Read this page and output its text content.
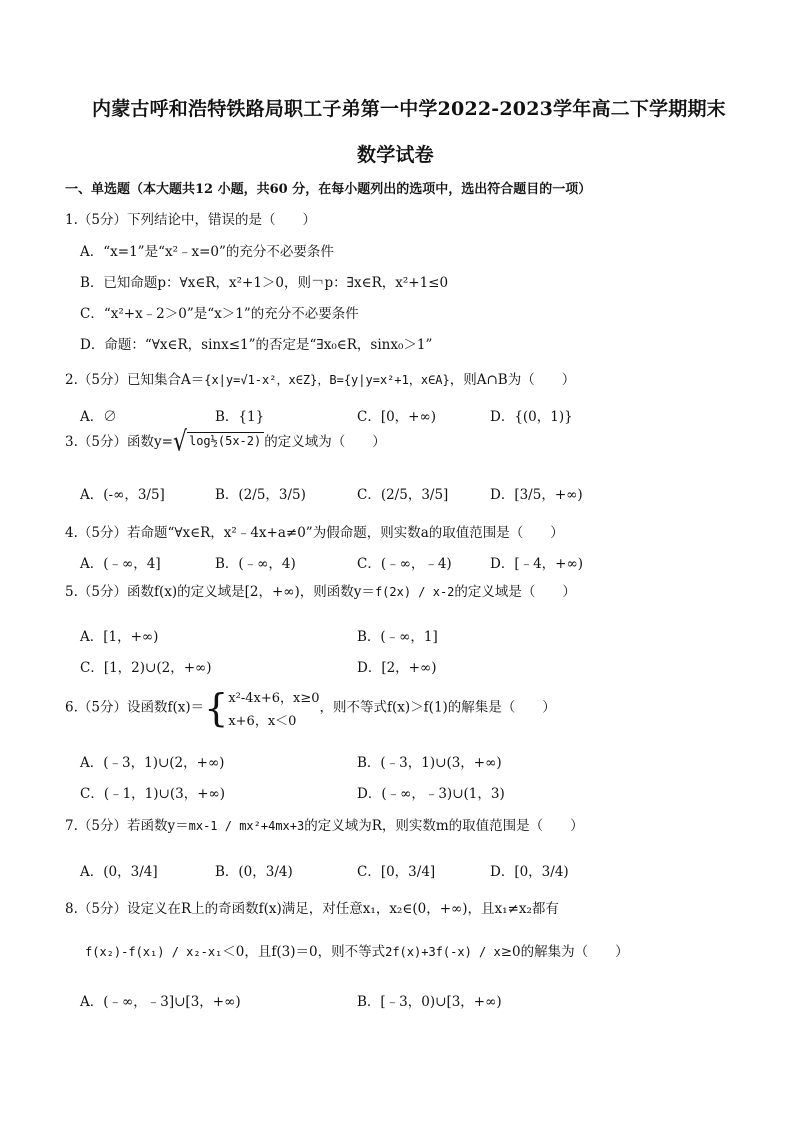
内蒙古呼和浩特铁路局职工子弟第一中学2022-2023学年高二下学期期末
数学试卷
一、单选题（本大题共12 小题，共60 分，在每小题列出的选项中，选出符合题目的一项）
1.（5分）下列结论中，错误的是（　　）
A．“x=1”是“x²﹣x=0”的充分不必要条件
B．已知命题p：∀x∈R，x²+1＞0，则￢p：∃x∈R，x²+1≤0
C．“x²+x﹣2＞0”是“x＞1”的充分不必要条件
D．命题：“∀x∈R，sinx≤1”的否定是“∃x₀∈R，sinx₀＞1”
2.（5分）已知集合A＝{x|y=√1-x²，x∈Z}，B={y|y=x²+1，x∈A}，则A∩B为（　　）
A．∅	B．{1}	C．[0，+∞)	D．{(0，1)}
3.（5分）函数y= √ log½(5x-2) 的定义域为（　　）
A．(-∞，3/5]	B．(2/5，3/5)	C．(2/5，3/5]	D．[3/5，+∞)
4.（5分）若命题“∀x∈R，x²﹣4x+a≠0”为假命题，则实数a的取值范围是（　　）
A．(﹣∞，4]	B．(﹣∞，4)	C．(﹣∞，﹣4)	D．[﹣4，+∞)
5.（5分）函数f(x)的定义域是[2，+∞)，则函数y＝f(2x) / x-2的定义域是（　　）
A．[1，+∞)	B．(﹣∞，1]
C．[1，2)∪(2，+∞)	D．[2，+∞)
6.（5分）设函数f(x)＝ { x²-4x+6，x≥0
x+6，x＜0
，则不等式f(x)＞f(1)的解集是（　　）
A．(﹣3，1)∪(2，+∞)	B．(﹣3，1)∪(3，+∞)
C．(﹣1，1)∪(3，+∞)	D．(﹣∞，﹣3)∪(1，3)
7.（5分）若函数y＝mx-1 / mx²+4mx+3的定义域为R，则实数m的取值范围是（　　）
A．(0，3/4]	B．(0，3/4)	C．[0，3/4]	D．[0，3/4)
8.（5分）设定义在R上的奇函数f(x)满足，对任意x₁，x₂∈(0，+∞)，且x₁≠x₂都有
f(x₂)-f(x₁) / x₂-x₁＜0，且f(3)＝0，则不等式2f(x)+3f(-x) / x≥0的解集为（　　）
A．(﹣∞，﹣3]∪[3，+∞)	B．[﹣3，0)∪[3，+∞)
